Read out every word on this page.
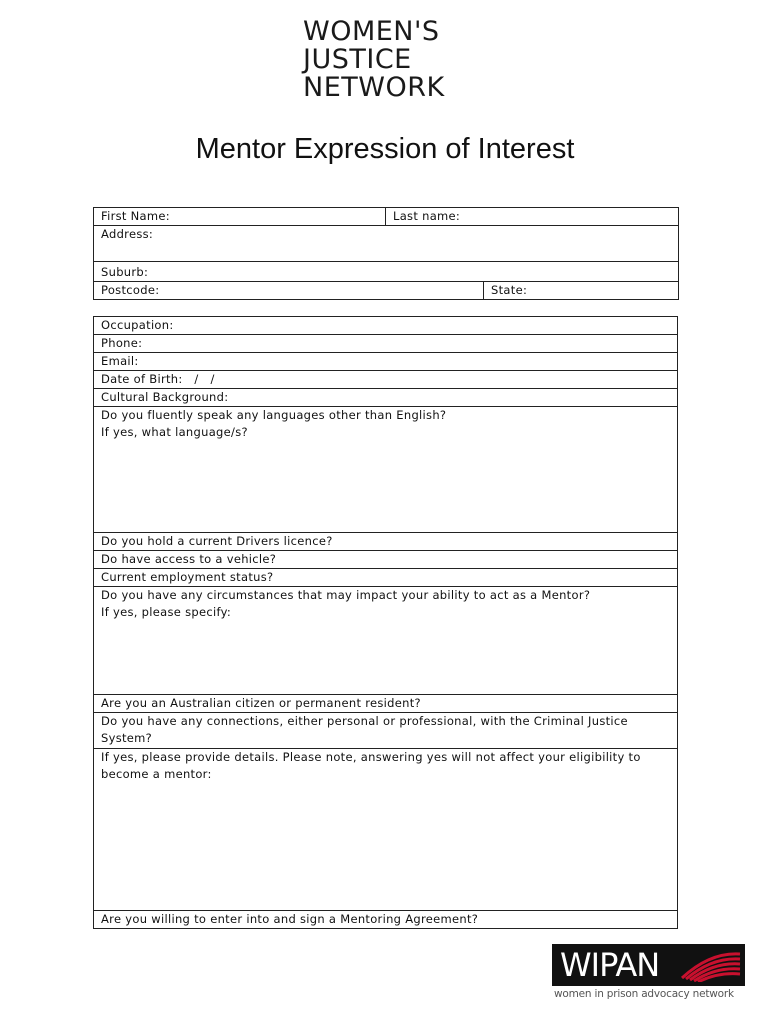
WOMEN'S
JUSTICE
NETWORK
Mentor Expression of Interest
First Name:	Last name:	

Address:		

Suburb:		

Postcode:		State:
Occupation:

Phone:

Email:

Date of Birth:   /   /

Cultural Background:

Do you fluently speak any languages other than English?
If yes, what language/s?

Do you hold a current Drivers licence?

Do have access to a vehicle?

Current employment status?

Do you have any circumstances that may impact your ability to act as a Mentor?
If yes, please specify:

Are you an Australian citizen or permanent resident?

Do you have any connections, either personal or professional, with the Criminal Justice System?

If yes, please provide details. Please note, answering yes will not affect your eligibility to become a mentor:

Are you willing to enter into and sign a Mentoring Agreement?
WIPAN
women in prison advocacy network
